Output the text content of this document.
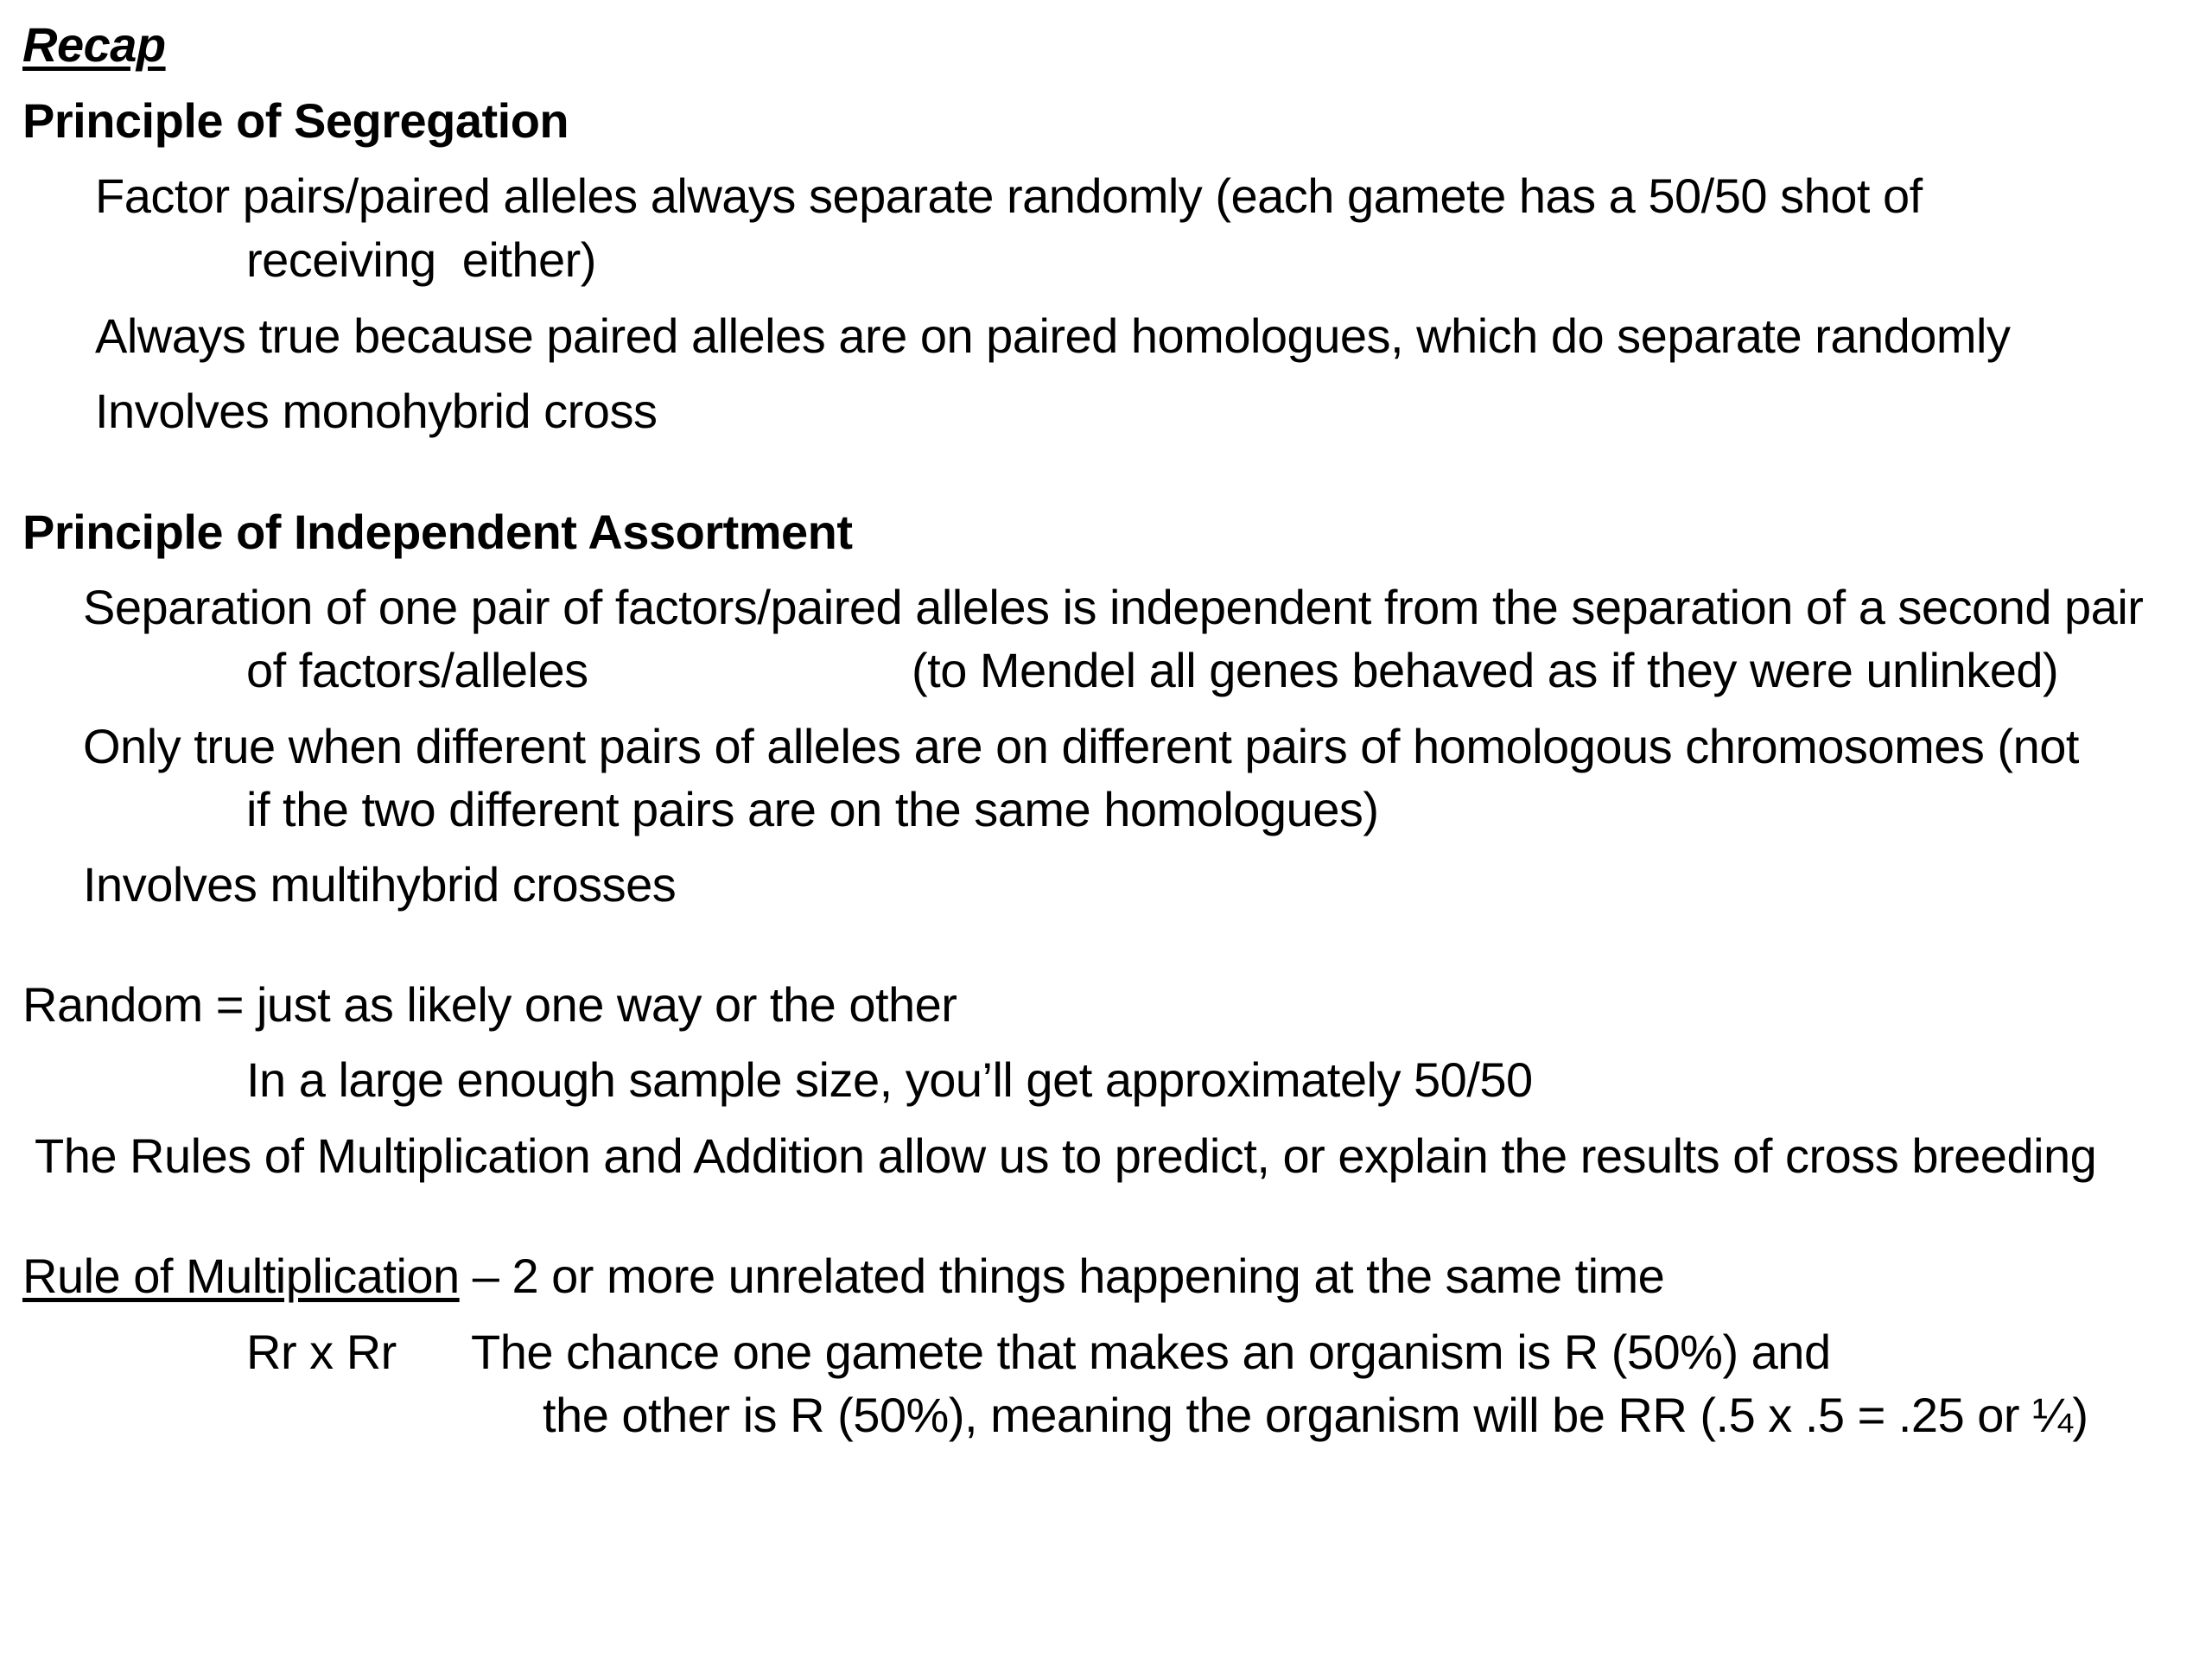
Recap
Principle of Segregation
Factor pairs/paired alleles always separate randomly (each gamete has a 50/50 shot of
receiving  either)
Always true because paired alleles are on paired homologues, which do separate randomly
Involves monohybrid cross
Principle of Independent Assortment
Separation of one pair of factors/paired alleles is independent from the separation of a second pair
of factors/alleles	(to Mendel all genes behaved as if they were unlinked)
Only true when different pairs of alleles are on different pairs of homologous chromosomes (not
if the two different pairs are on the same homologues)
Involves multihybrid crosses
Random = just as likely one way or the other
In a large enough sample size, you’ll get approximately 50/50
The Rules of Multiplication and Addition allow us to predict, or explain the results of cross breeding
Rule of Multiplication – 2 or more unrelated things happening at the same time
Rr x Rr The chance one gamete that makes an organism is R (50%) and
the other is R (50%), meaning the organism will be RR (.5 x .5 = .25 or ¼)
